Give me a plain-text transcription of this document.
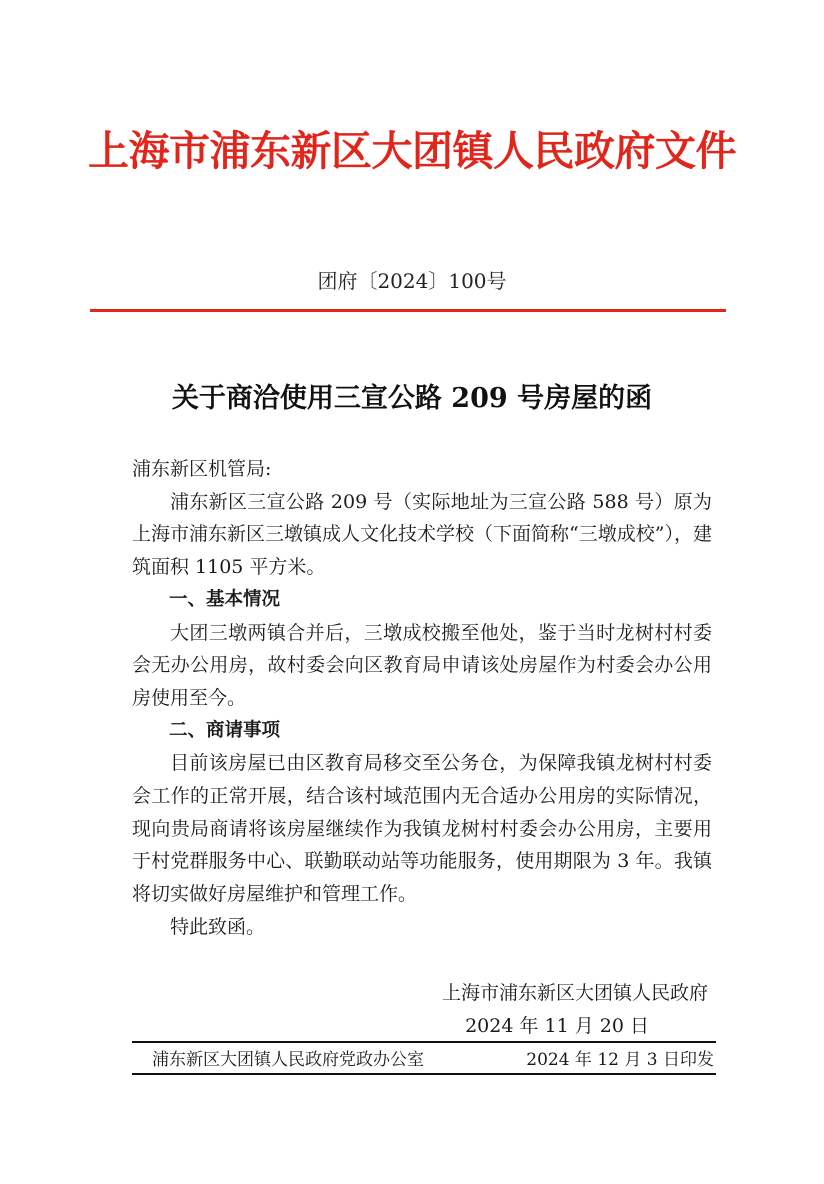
上海市浦东新区大团镇人民政府文件
团府〔2024〕100号
关于商洽使用三宣公路 209 号房屋的函

浦东新区机管局:

浦东新区三宣公路 209 号（实际地址为三宣公路 588 号）原为上海市浦东新区三墩镇成人文化技术学校（下面简称“三墩成校”），建筑面积 1105 平方米。

一、基本情况

大团三墩两镇合并后，三墩成校搬至他处，鉴于当时龙树村村委会无办公用房，故村委会向区教育局申请该处房屋作为村委会办公用房使用至今。

二、商请事项

目前该房屋已由区教育局移交至公务仓，为保障我镇龙树村村委会工作的正常开展，结合该村域范围内无合适办公用房的实际情况，现向贵局商请将该房屋继续作为我镇龙树村村委会办公用房，主要用于村党群服务中心、联勤联动站等功能服务，使用期限为 3 年。我镇将切实做好房屋维护和管理工作。

特此致函。

上海市浦东新区大团镇人民政府
2024 年 11 月 20 日
浦东新区大团镇人民政府党政办公室	2024 年 12 月 3 日印发
